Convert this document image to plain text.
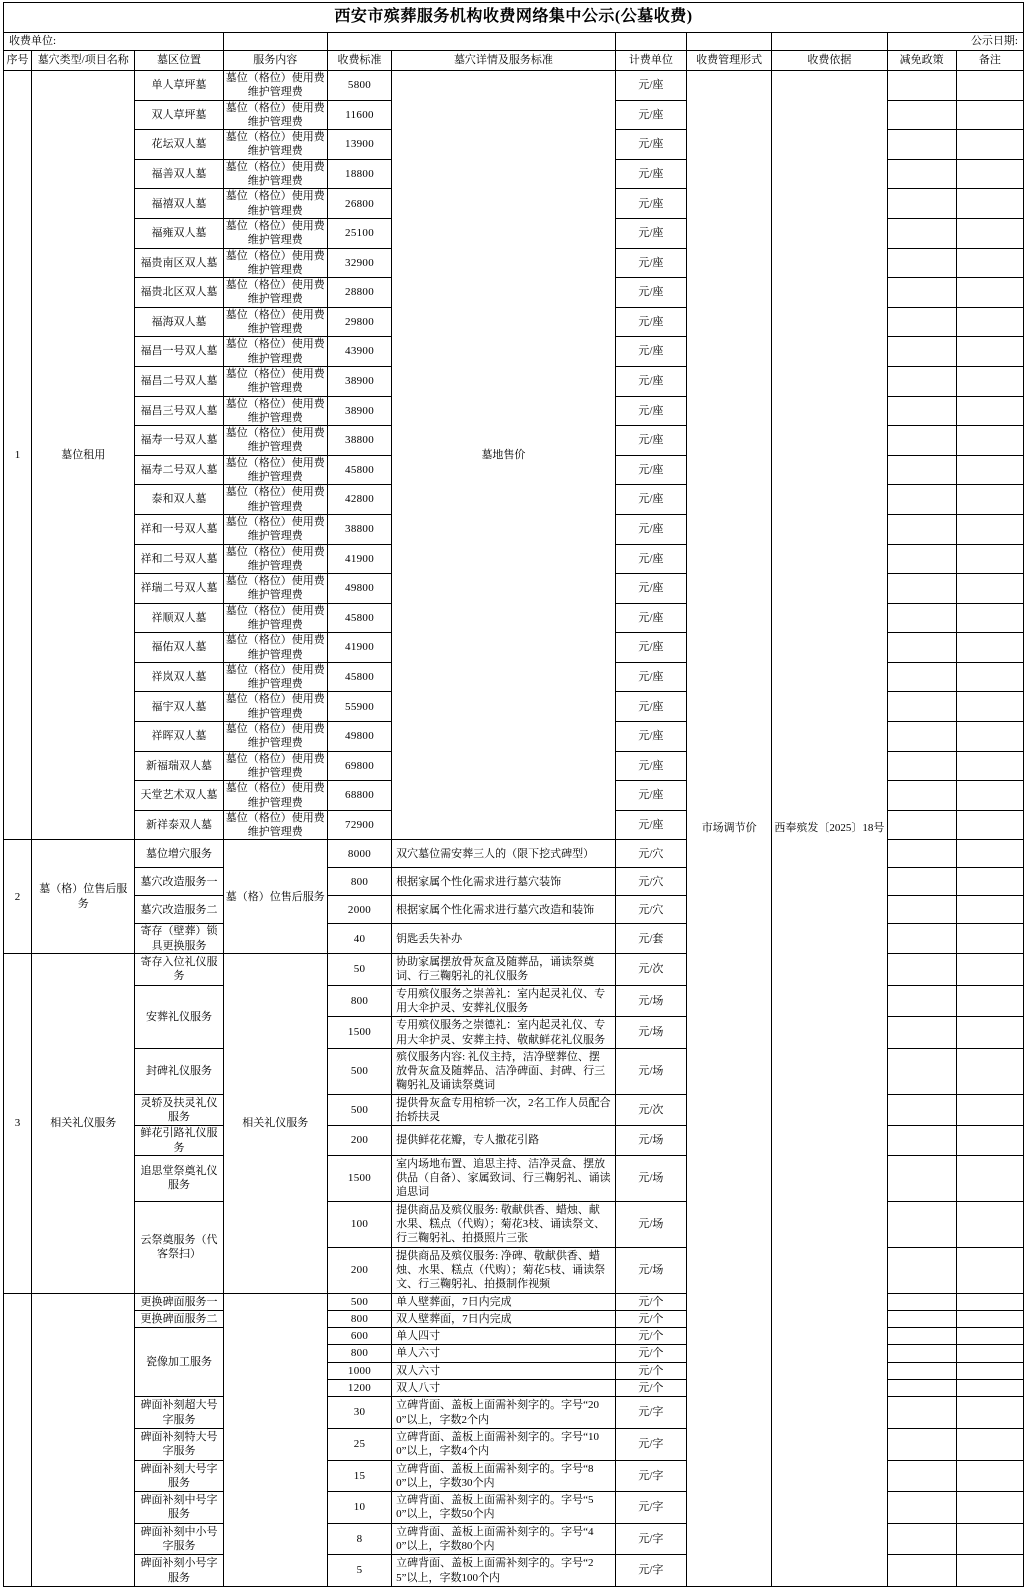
西安市殡葬服务机构收费网络集中公示(公墓收费)										
收费单位:									公示日期:	
序号	墓穴类型/项目名称	墓区位置	服务内容	收费标准	墓穴详情及服务标准	计费单位	收费管理形式	收费依据	减免政策	备注
1	墓位租用	单人草坪墓	墓位（格位）使用费维护管理费	5800	墓地售价	元/座	市场调节价	西奉殡发〔2025〕18号		
		双人草坪墓	墓位（格位）使用费维护管理费	11600		元/座				
		花坛双人墓	墓位（格位）使用费维护管理费	13900		元/座				
		福善双人墓	墓位（格位）使用费维护管理费	18800		元/座				
		福禧双人墓	墓位（格位）使用费维护管理费	26800		元/座				
		福雍双人墓	墓位（格位）使用费维护管理费	25100		元/座				
		福贵南区双人墓	墓位（格位）使用费维护管理费	32900		元/座				
		福贵北区双人墓	墓位（格位）使用费维护管理费	28800		元/座				
		福海双人墓	墓位（格位）使用费维护管理费	29800		元/座				
		福昌一号双人墓	墓位（格位）使用费维护管理费	43900		元/座				
		福昌二号双人墓	墓位（格位）使用费维护管理费	38900		元/座				
		福昌三号双人墓	墓位（格位）使用费维护管理费	38900		元/座				
		福寿一号双人墓	墓位（格位）使用费维护管理费	38800		元/座				
		福寿二号双人墓	墓位（格位）使用费维护管理费	45800		元/座				
		泰和双人墓	墓位（格位）使用费维护管理费	42800		元/座				
		祥和一号双人墓	墓位（格位）使用费维护管理费	38800		元/座				
		祥和二号双人墓	墓位（格位）使用费维护管理费	41900		元/座				
		祥瑞二号双人墓	墓位（格位）使用费维护管理费	49800		元/座				
		祥顺双人墓	墓位（格位）使用费维护管理费	45800		元/座				
		福佑双人墓	墓位（格位）使用费维护管理费	41900		元/座				
		祥岚双人墓	墓位（格位）使用费维护管理费	45800		元/座				
		福宇双人墓	墓位（格位）使用费维护管理费	55900		元/座				
		祥晖双人墓	墓位（格位）使用费维护管理费	49800		元/座				
		新福瑞双人墓	墓位（格位）使用费维护管理费	69800		元/座				
		天堂艺术双人墓	墓位（格位）使用费维护管理费	68800		元/座				
		新祥泰双人墓	墓位（格位）使用费维护管理费	72900		元/座				
2	墓（格）位售后服务	墓位增穴服务	墓（格）位售后服务	8000	双穴墓位需安葬三人的（限下挖式碑型）	元/穴				
		墓穴改造服务一		800	根据家属个性化需求进行墓穴装饰	元/穴				
		墓穴改造服务二		2000	根据家属个性化需求进行墓穴改造和装饰	元/穴				
		寄存（壁葬）锁具更换服务		40	钥匙丢失补办	元/套				
3	相关礼仪服务	寄存入位礼仪服务	相关礼仪服务	50	协助家属摆放骨灰盒及随葬品，诵读祭奠词、行三鞠躬礼的礼仪服务	元/次				
		安葬礼仪服务		800	专用殡仪服务之崇善礼：室内起灵礼仪、专用大伞护灵、安葬礼仪服务	元/场				
				1500	专用殡仪服务之崇德礼：室内起灵礼仪、专用大伞护灵、安葬主持、敬献鲜花礼仪服务	元/场				
		封碑礼仪服务		500	殡仪服务内容: 礼仪主持，洁净壁葬位、摆放骨灰盒及随葬品、洁净碑面、封碑、行三鞠躬礼及诵读祭奠词	元/场				
		灵轿及扶灵礼仪服务		500	提供骨灰盒专用棺轿一次，2名工作人员配合抬轿扶灵	元/次				
		鲜花引路礼仪服务		200	提供鲜花花瓣，专人撒花引路	元/场				
		追思堂祭奠礼仪服务		1500	室内场地布置、追思主持、洁净灵盒、摆放供品（自备）、家属致词、行三鞠躬礼、诵读追思词	元/场				
		云祭奠服务（代客祭扫）		100	提供商品及殡仪服务: 敬献供香、蜡烛、献水果、糕点（代购）；菊花3枝、诵读祭文、行三鞠躬礼、拍摄照片三张	元/场				
				200	提供商品及殡仪服务: 净碑、敬献供香、蜡烛、水果、糕点（代购）；菊花5枝、诵读祭文、行三鞠躬礼、拍摄制作视频	元/场				
		更换碑面服务一		500	单人壁葬面，7日内完成	元/个				
		更换碑面服务二		800	双人壁葬面，7日内完成	元/个				
		瓷像加工服务		600	单人四寸	元/个				
				800	单人六寸	元/个				
				1000	双人六寸	元/个				
				1200	双人八寸	元/个				
		碑面补刻超大号字服务		30	立碑背面、盖板上面需补刻字的。字号“200”以上，字数2个内	元/字				
		碑面补刻特大号字服务		25	立碑背面、盖板上面需补刻字的。字号“100”以上，字数4个内	元/字				
		碑面补刻大号字服务		15	立碑背面、盖板上面需补刻字的。字号“80”以上，字数30个内	元/字				
		碑面补刻中号字服务		10	立碑背面、盖板上面需补刻字的。字号“50”以上，字数50个内	元/字				
		碑面补刻中小号字服务		8	立碑背面、盖板上面需补刻字的。字号“40”以上，字数80个内	元/字				
		碑面补刻小号字服务		5	立碑背面、盖板上面需补刻字的。字号“25”以上，字数100个内	元/字				
